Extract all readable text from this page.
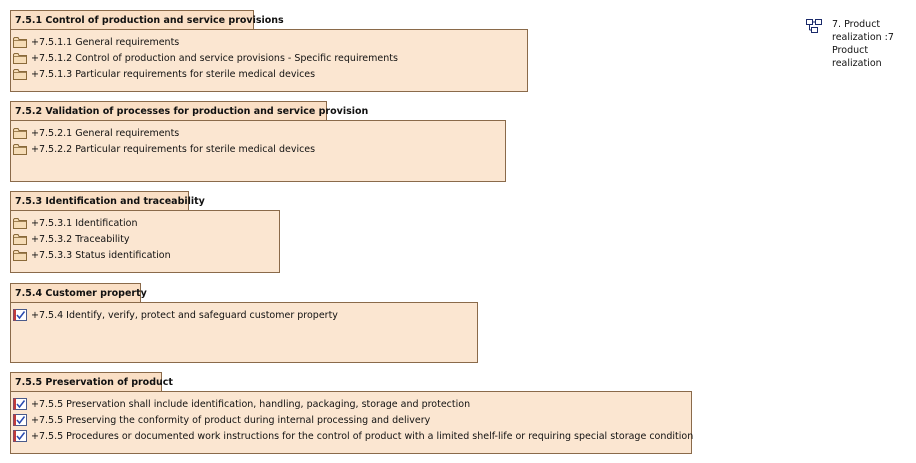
7.5.1 Control of production and service provisions
+7.5.1.1 General requirements
+7.5.1.2 Control of production and service provisions - Specific requirements
+7.5.1.3 Particular requirements for sterile medical devices
7.5.2 Validation of processes for production and service provision
+7.5.2.1 General requirements
+7.5.2.2 Particular requirements for sterile medical devices
7.5.3 Identification and traceability
+7.5.3.1 Identification
+7.5.3.2 Traceability
+7.5.3.3 Status identification
7.5.4 Customer property
+7.5.4 Identify, verify, protect and safeguard customer property
7.5.5 Preservation of product
+7.5.5 Preservation shall include identification, handling, packaging, storage and protection
+7.5.5 Preserving the conformity of product during internal processing and delivery
+7.5.5 Procedures or documented work instructions for the control of product with a limited shelf-life or requiring special storage condition
7. Product realization :7 Product realization
